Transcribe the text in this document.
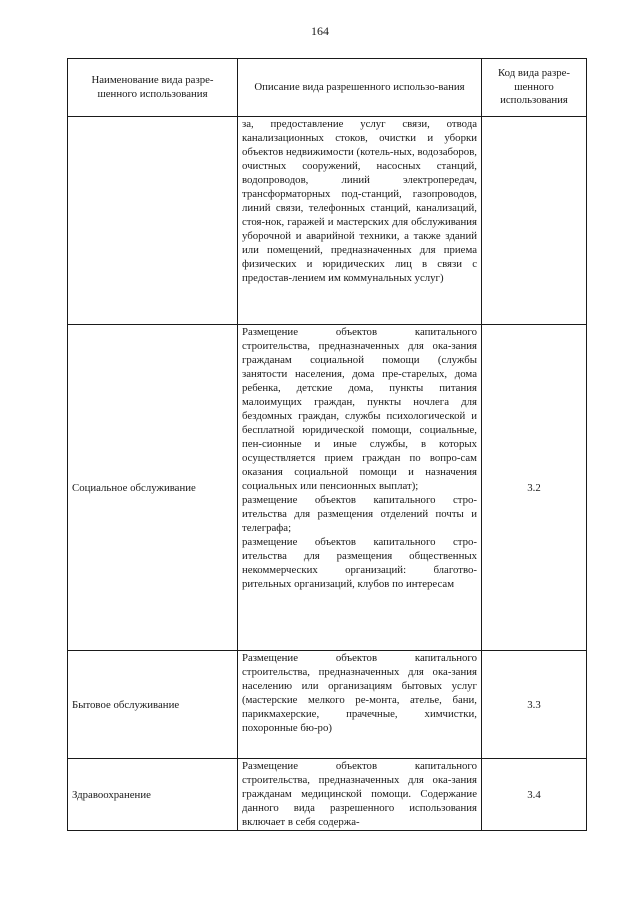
164
Наименование вида разре-шенного использования	Описание вида разрешенного использо-вания	Код вида разре-шенного использования

	за, предоставление услуг связи, отвода канализационных стоков, очистки и уборки объектов недвижимости (котель-ных, водозаборов, очистных сооружений, насосных станций, водопроводов, линий электропередач, трансформаторных под-станций, газопроводов, линий связи, телефонных станций, канализаций, стоя-нок, гаражей и мастерских для обслуживания уборочной и аварийной техники, а также зданий или помещений, предназначенных для приема физических и юридических лиц в связи с предостав-лением им коммунальных услуг)	

Социальное обслуживание	Размещение объектов капитального строительства, предназначенных для ока-зания гражданам социальной помощи (службы занятости населения, дома пре-старелых, дома ребенка, детские дома, пункты питания малоимущих граждан, пункты ночлега для бездомных граждан, службы психологической и бесплатной юридической помощи, социальные, пен-сионные и иные службы, в которых осуществляется прием граждан по вопро-сам оказания социальной помощи и назначения социальных или пенсионных выплат);
размещение объектов капитального стро-ительства для размещения отделений почты и телеграфа;
размещение объектов капитального стро-ительства для размещения общественных некоммерческих организаций: благотво-рительных организаций, клубов по интересам	3.2
Бытовое обслуживание	Размещение объектов капитального строительства, предназначенных для ока-зания населению или организациям бытовых услуг (мастерские мелкого ре-монта, ателье, бани, парикмахерские, прачечные, химчистки, похоронные бю-ро)	3.3
Здравоохранение	Размещение объектов капитального строительства, предназначенных для ока-зания гражданам медицинской помощи. Содержание данного вида разрешенного использования включает в себя содержа-	3.4
